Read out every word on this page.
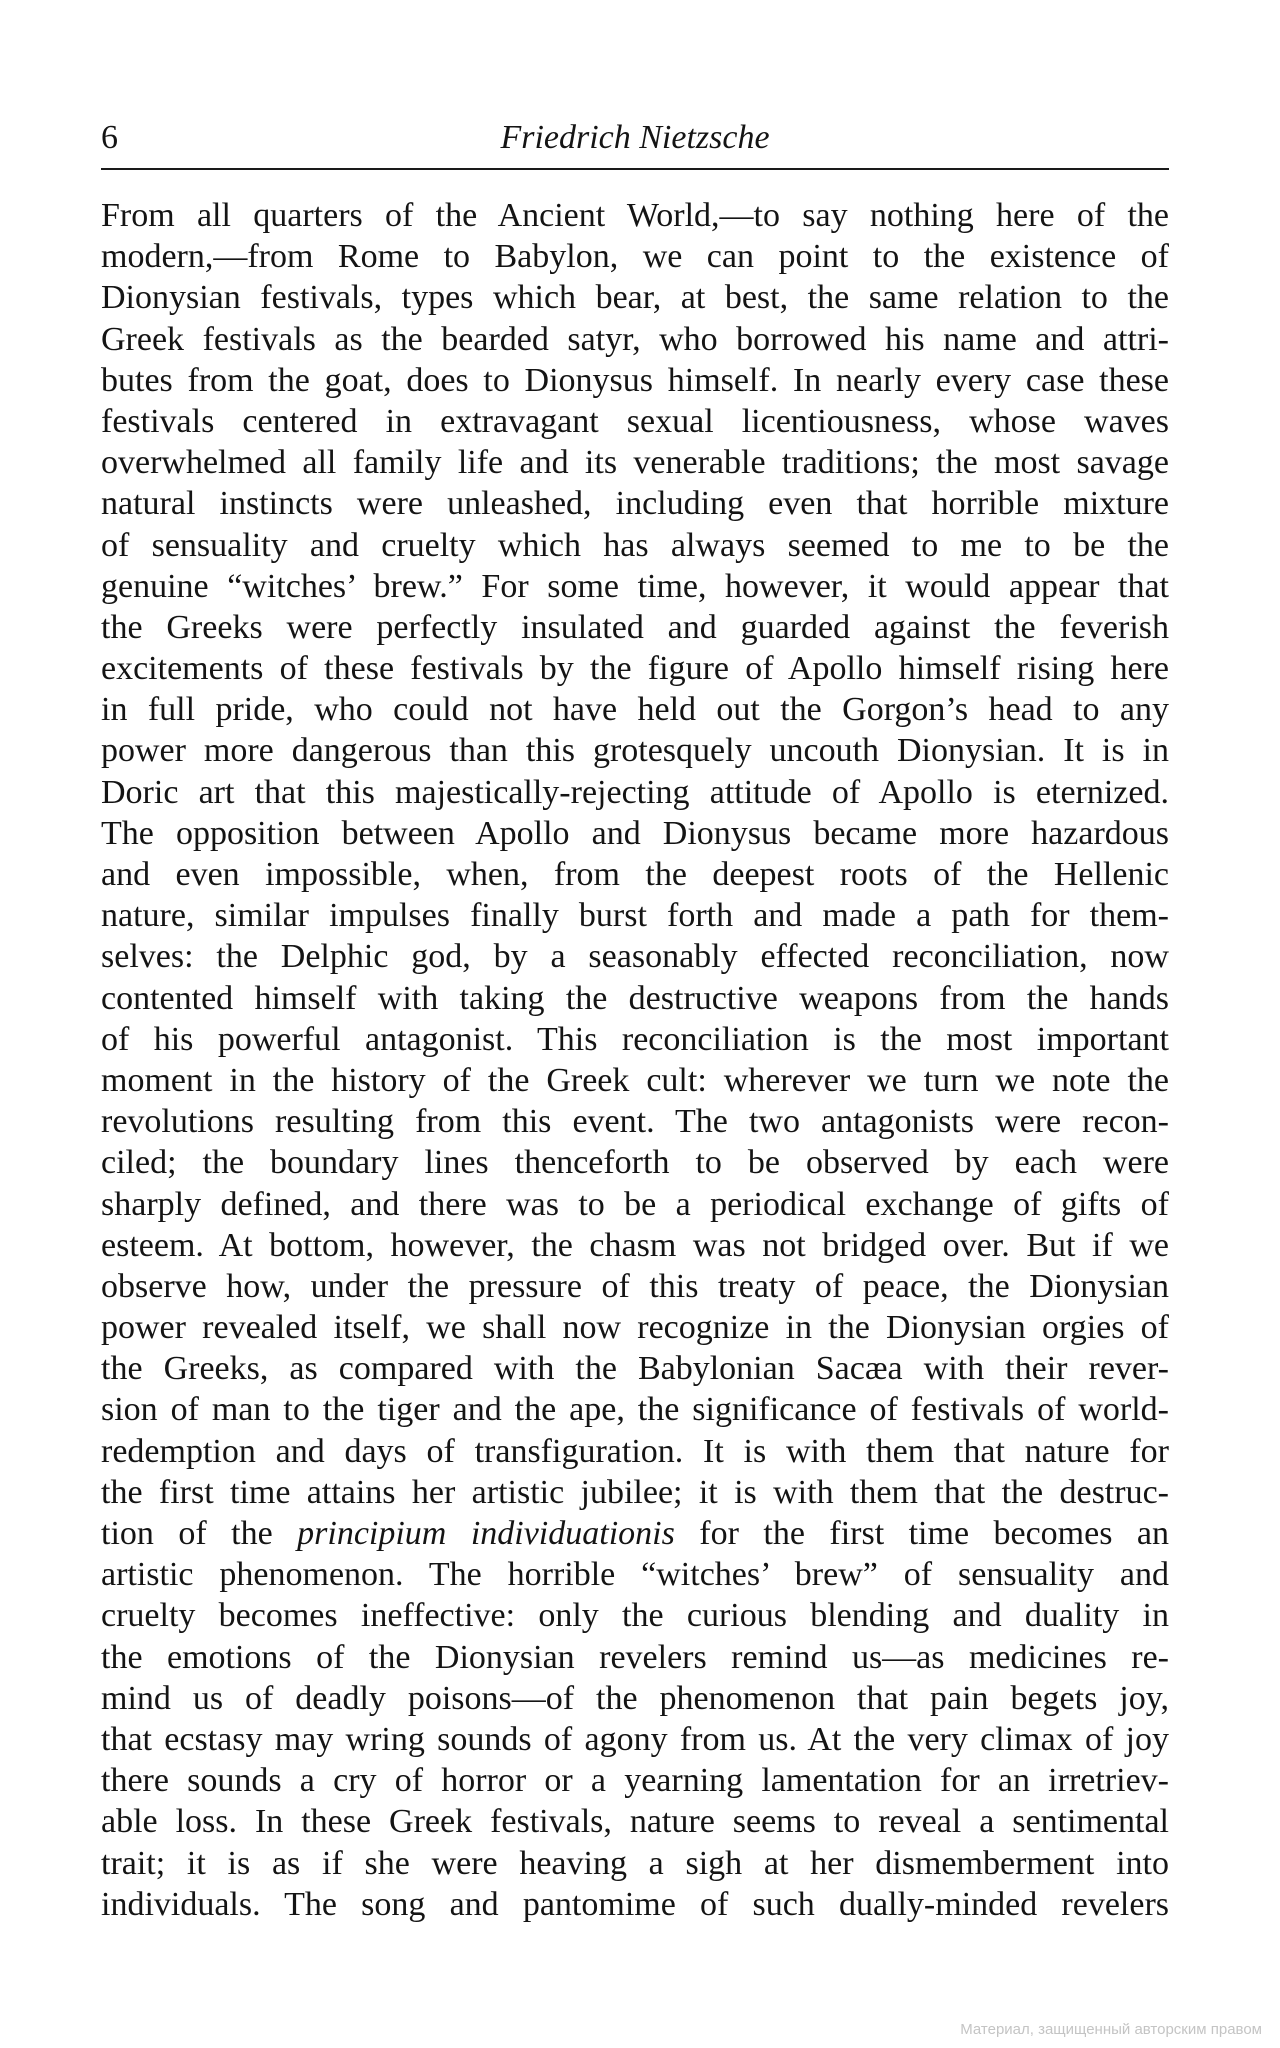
6	Friedrich Nietzsche
From all quarters of the Ancient World,—to say nothing here of the
modern,—from Rome to Babylon, we can point to the existence of
Dionysian festivals, types which bear, at best, the same relation to the
Greek festivals as the bearded satyr, who borrowed his name and attri-
butes from the goat, does to Dionysus himself. In nearly every case these
festivals centered in extravagant sexual licentiousness, whose waves
overwhelmed all family life and its venerable traditions; the most savage
natural instincts were unleashed, including even that horrible mixture
of sensuality and cruelty which has always seemed to me to be the
genuine “witches’ brew.” For some time, however, it would appear that
the Greeks were perfectly insulated and guarded against the feverish
excitements of these festivals by the figure of Apollo himself rising here
in full pride, who could not have held out the Gorgon’s head to any
power more dangerous than this grotesquely uncouth Dionysian. It is in
Doric art that this majestically-rejecting attitude of Apollo is eternized.
The opposition between Apollo and Dionysus became more hazardous
and even impossible, when, from the deepest roots of the Hellenic
nature, similar impulses finally burst forth and made a path for them-
selves: the Delphic god, by a seasonably effected reconciliation, now
contented himself with taking the destructive weapons from the hands
of his powerful antagonist. This reconciliation is the most important
moment in the history of the Greek cult: wherever we turn we note the
revolutions resulting from this event. The two antagonists were recon-
ciled; the boundary lines thenceforth to be observed by each were
sharply defined, and there was to be a periodical exchange of gifts of
esteem. At bottom, however, the chasm was not bridged over. But if we
observe how, under the pressure of this treaty of peace, the Dionysian
power revealed itself, we shall now recognize in the Dionysian orgies of
the Greeks, as compared with the Babylonian Sacæa with their rever-
sion of man to the tiger and the ape, the significance of festivals of world-
redemption and days of transfiguration. It is with them that nature for
the first time attains her artistic jubilee; it is with them that the destruc-
tion of the principium individuationis for the first time becomes an
artistic phenomenon. The horrible “witches’ brew” of sensuality and
cruelty becomes ineffective: only the curious blending and duality in
the emotions of the Dionysian revelers remind us—as medicines re-
mind us of deadly poisons—of the phenomenon that pain begets joy,
that ecstasy may wring sounds of agony from us. At the very climax of joy
there sounds a cry of horror or a yearning lamentation for an irretriev-
able loss. In these Greek festivals, nature seems to reveal a sentimental
trait; it is as if she were heaving a sigh at her dismemberment into
individuals. The song and pantomime of such dually-minded revelers
Материал, защищенный авторским правом
